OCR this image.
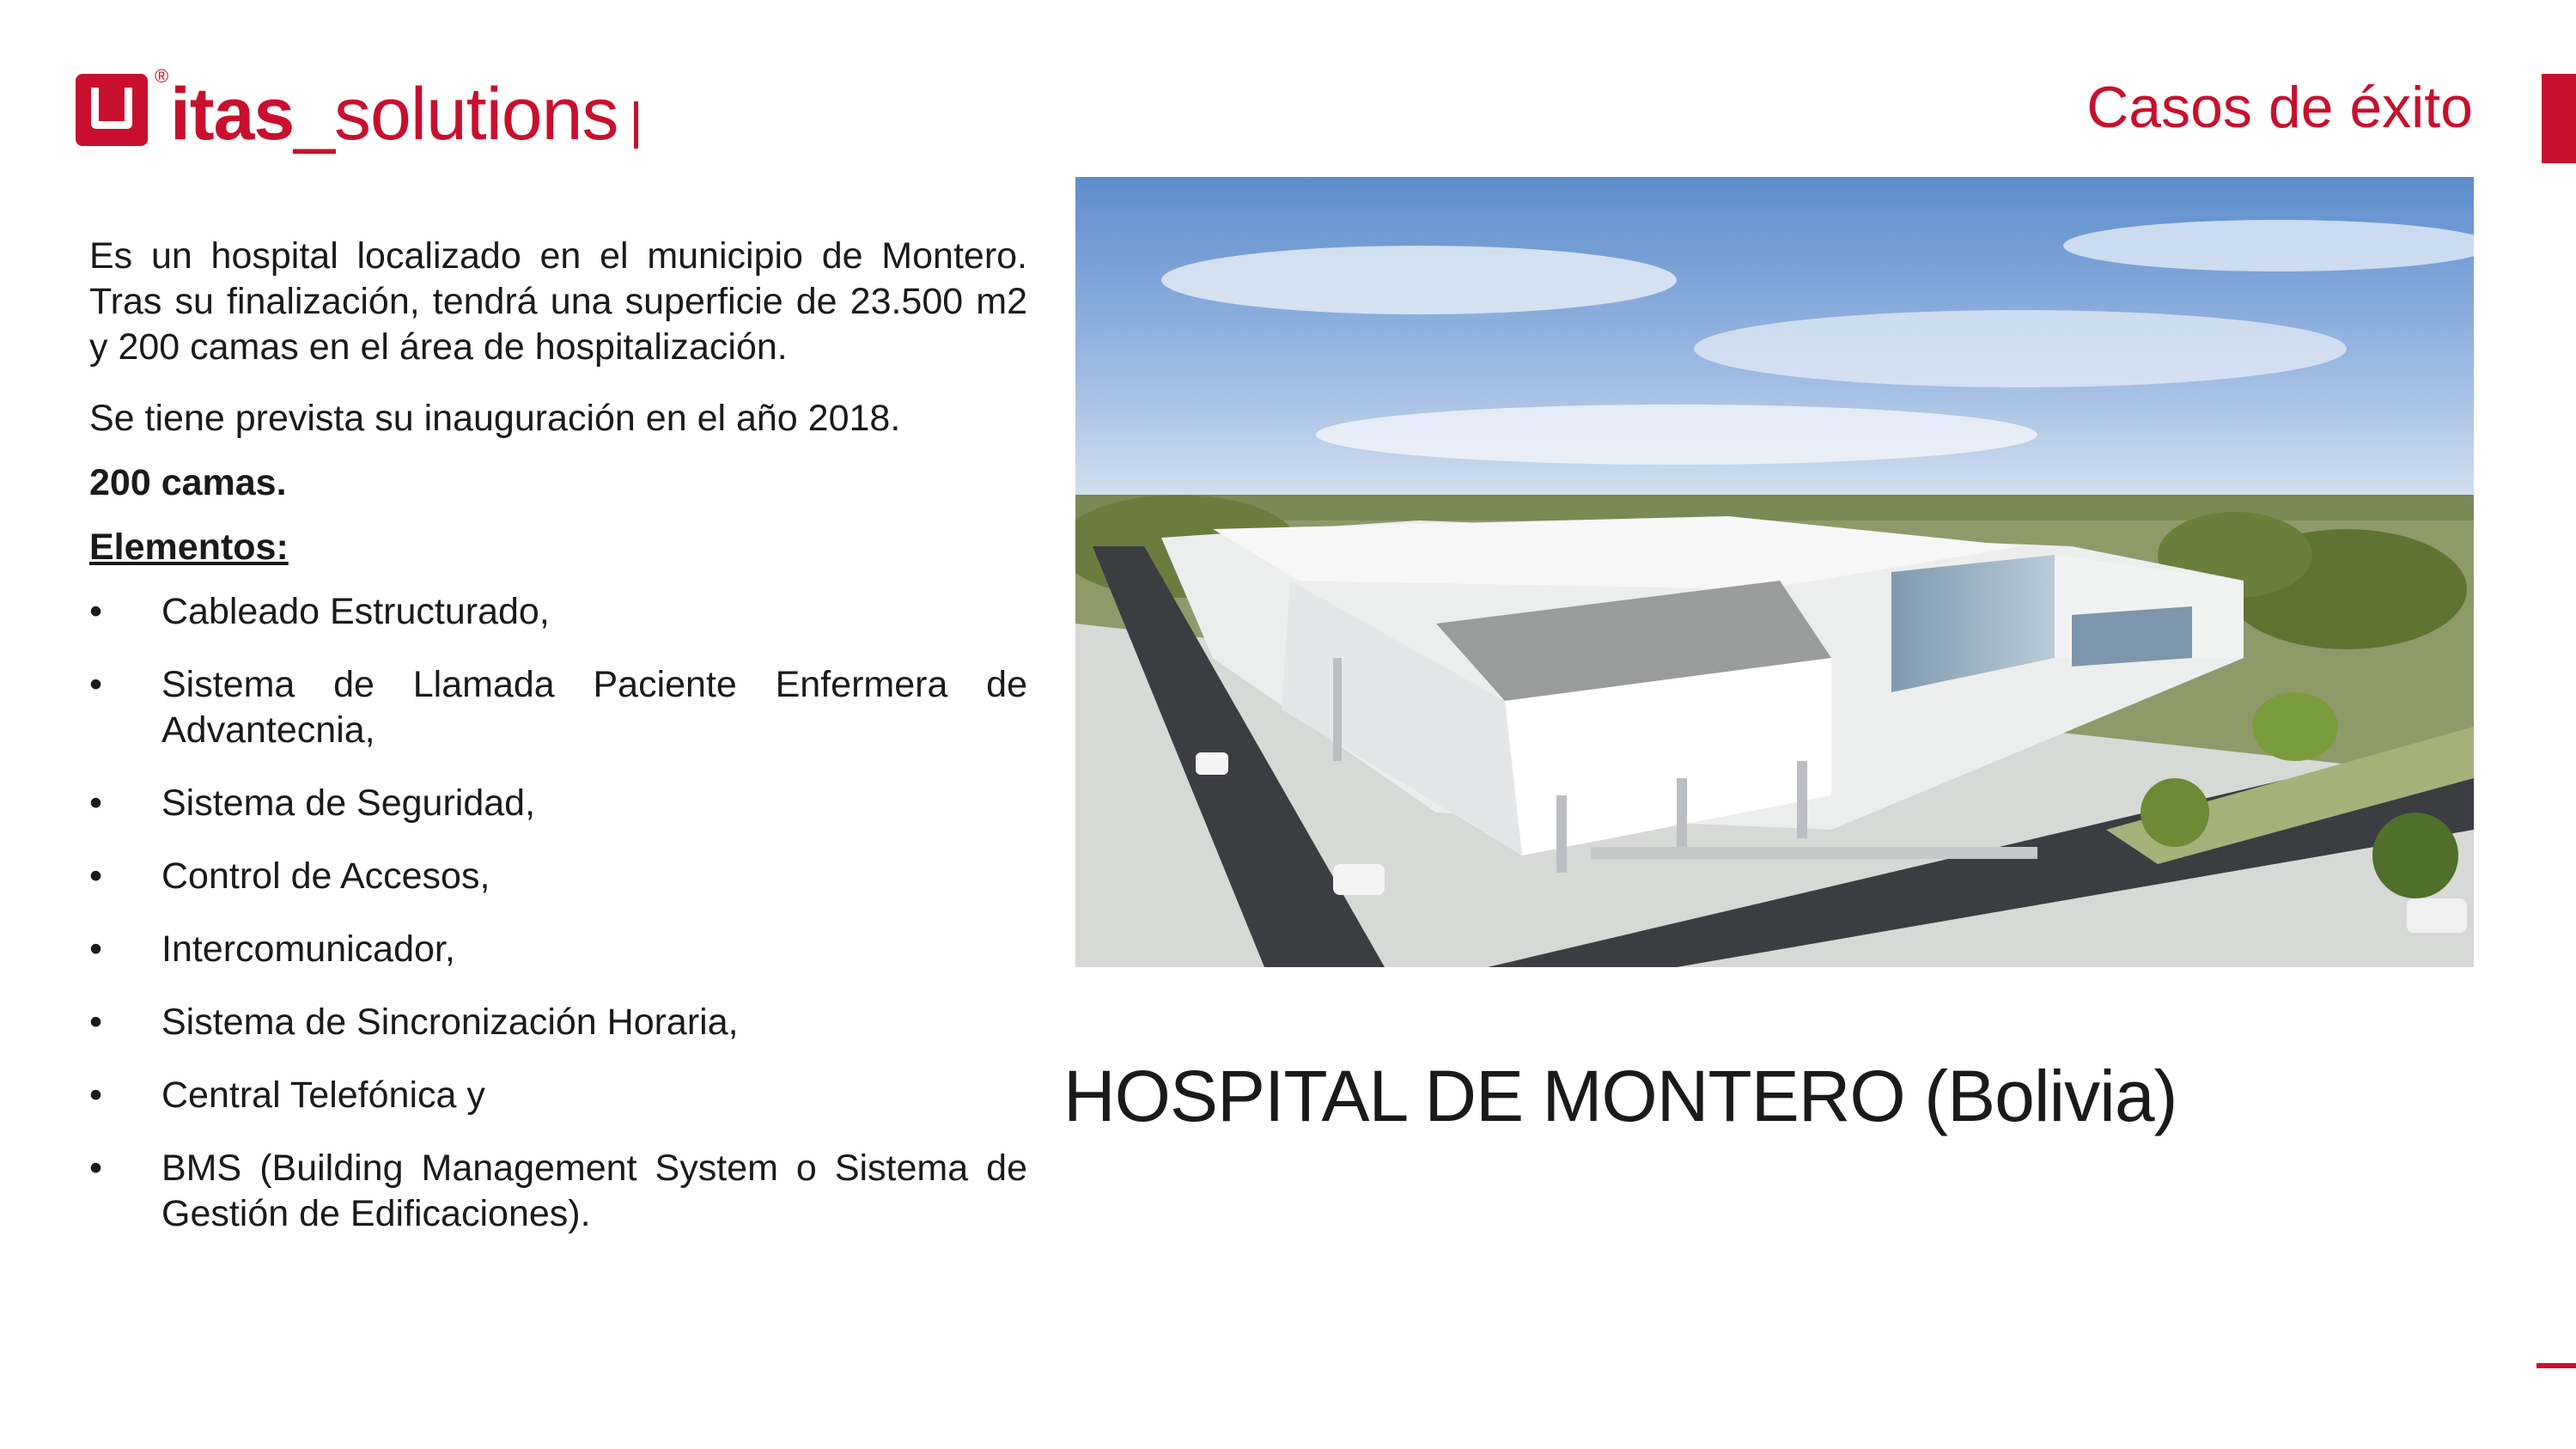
® itas_solutions	Casos de éxito

Es un hospital localizado en el municipio de Montero. Tras su finalización, tendrá una superficie de 23.500 m2 y 200 camas en el área de hospitalización.

Se tiene prevista su inauguración en el año 2018.

200 camas.

Elementos:

• Cableado Estructurado,
• Sistema de Llamada Paciente Enfermera de Advantecnia,
• Sistema de Seguridad,
• Control de Accesos,
• Intercomunicador,
• Sistema de Sincronización Horaria,
• Central Telefónica y
• BMS (Building Management System o Sistema de Gestión de Edificaciones).
HOSPITAL DE MONTERO (Bolivia)
